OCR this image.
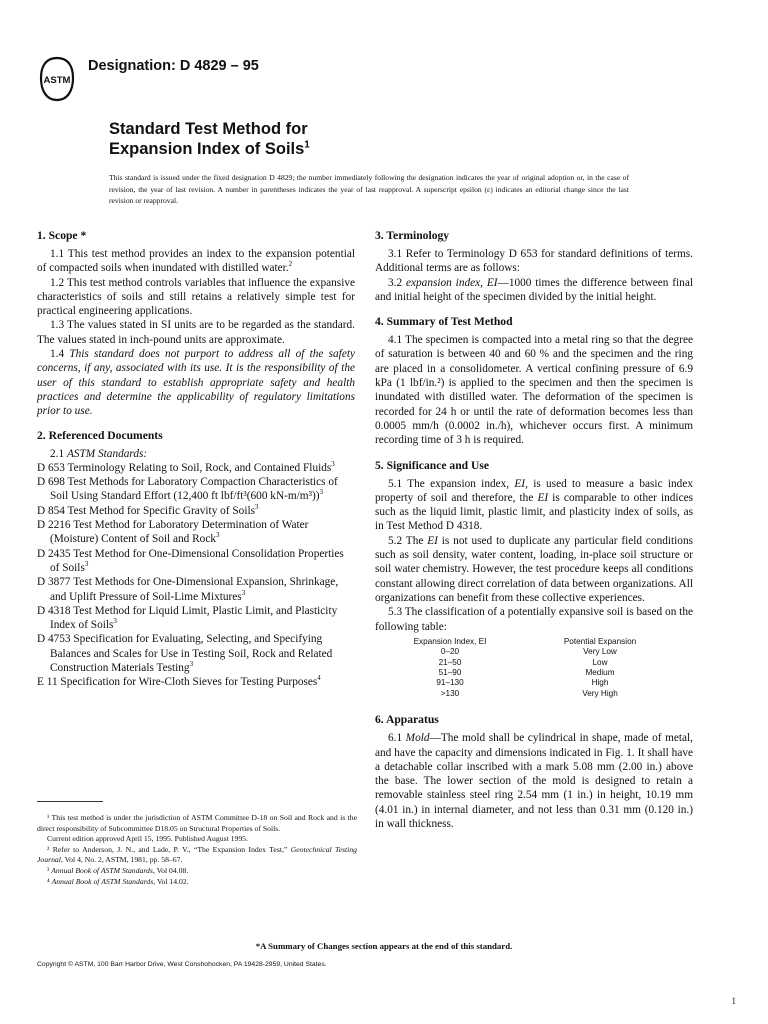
ASTM
Designation: D 4829 – 95
Standard Test Method for
Expansion Index of Soils$^1$
This standard is issued under the fixed designation D 4829; the number immediately following the designation indicates the year of original adoption or, in the case of revision, the year of last revision. A number in parentheses indicates the year of last reapproval. A superscript epsilon (ε) indicates an editorial change since the last revision or reapproval.
1. Scope *

1.1 This test method provides an index to the expansion potential of compacted soils when inundated with distilled water.$^2$

1.2 This test method controls variables that influence the expansive characteristics of soils and still retains a relatively simple test for practical engineering applications.

1.3 The values stated in SI units are to be regarded as the standard. The values stated in inch-pound units are approximate.

1.4 This standard does not purport to address all of the safety concerns, if any, associated with its use. It is the responsibility of the user of this standard to establish appropriate safety and health practices and determine the applicability of regulatory limitations prior to use.

2. Referenced Documents

2.1 ASTM Standards:

D 653 Terminology Relating to Soil, Rock, and Contained Fluids$^3$

D 698 Test Methods for Laboratory Compaction Characteristics of Soil Using Standard Effort (12,400 ft lbf/ft³(600 kN-m/m³))$^3$

D 854 Test Method for Specific Gravity of Soils$^3$

D 2216 Test Method for Laboratory Determination of Water (Moisture) Content of Soil and Rock$^3$

D 2435 Test Method for One-Dimensional Consolidation Properties of Soils$^3$

D 3877 Test Methods for One-Dimensional Expansion, Shrinkage, and Uplift Pressure of Soil-Lime Mixtures$^3$

D 4318 Test Method for Liquid Limit, Plastic Limit, and Plasticity Index of Soils$^3$

D 4753 Specification for Evaluating, Selecting, and Specifying Balances and Scales for Use in Testing Soil, Rock and Related Construction Materials Testing$^3$

E 11 Specification for Wire-Cloth Sieves for Testing Purposes$^4$

3. Terminology

3.1 Refer to Terminology D 653 for standard definitions of terms. Additional terms are as follows:

3.2 expansion index, EI—1000 times the difference between final and initial height of the specimen divided by the initial height.

4. Summary of Test Method

4.1 The specimen is compacted into a metal ring so that the degree of saturation is between 40 and 60 % and the specimen and the ring are placed in a consolidometer. A vertical confining pressure of 6.9 kPa (1 lbf/in.²) is applied to the specimen and then the specimen is inundated with distilled water. The deformation of the specimen is recorded for 24 h or until the rate of deformation becomes less than 0.0005 mm/h (0.0002 in./h), whichever occurs first. A minimum recording time of 3 h is required.

5. Significance and Use

5.1 The expansion index, EI, is used to measure a basic index property of soil and therefore, the EI is comparable to other indices such as the liquid limit, plastic limit, and plasticity index of soils, as in Test Method D 4318.

5.2 The EI is not used to duplicate any particular field conditions such as soil density, water content, loading, in-place soil structure or soil water chemistry. However, the test procedure keeps all conditions constant allowing direct correlation of data between organizations. All organizations can benefit from these collective experiences.

5.3 The classification of a potentially expansive soil is based on the following table:

Expansion Index, EI	Potential Expansion
0–20	Very Low
21–50	Low
51–90	Medium
91–130	High
>130	Very High
6. Apparatus

6.1 Mold—The mold shall be cylindrical in shape, made of metal, and have the capacity and dimensions indicated in Fig. 1. It shall have a detachable collar inscribed with a mark 5.08 mm (2.00 in.) above the base. The lower section of the mold is designed to retain a removable stainless steel ring 2.54 mm (1 in.) in height, 10.19 mm (4.01 in.) in internal diameter, and not less than 0.31 mm (0.120 in.) in wall thickness.

¹ This test method is under the jurisdiction of ASTM Committee D-18 on Soil and Rock and is the direct responsibility of Subcommittee D18.05 on Structural Properties of Soils.

Current edition approved April 15, 1995. Published August 1995.

² Refer to Anderson, J. N., and Lade, P. V., “The Expansion Index Test,” Geotechnical Testing Journal, Vol 4, No. 2, ASTM, 1981, pp. 58–67.

³ Annual Book of ASTM Standards, Vol 04.08.

⁴ Annual Book of ASTM Standards, Vol 14.02.

*A Summary of Changes section appears at the end of this standard.
Copyright © ASTM, 100 Barr Harbor Drive, West Conshohocken, PA 19428-2959, United States.
1
